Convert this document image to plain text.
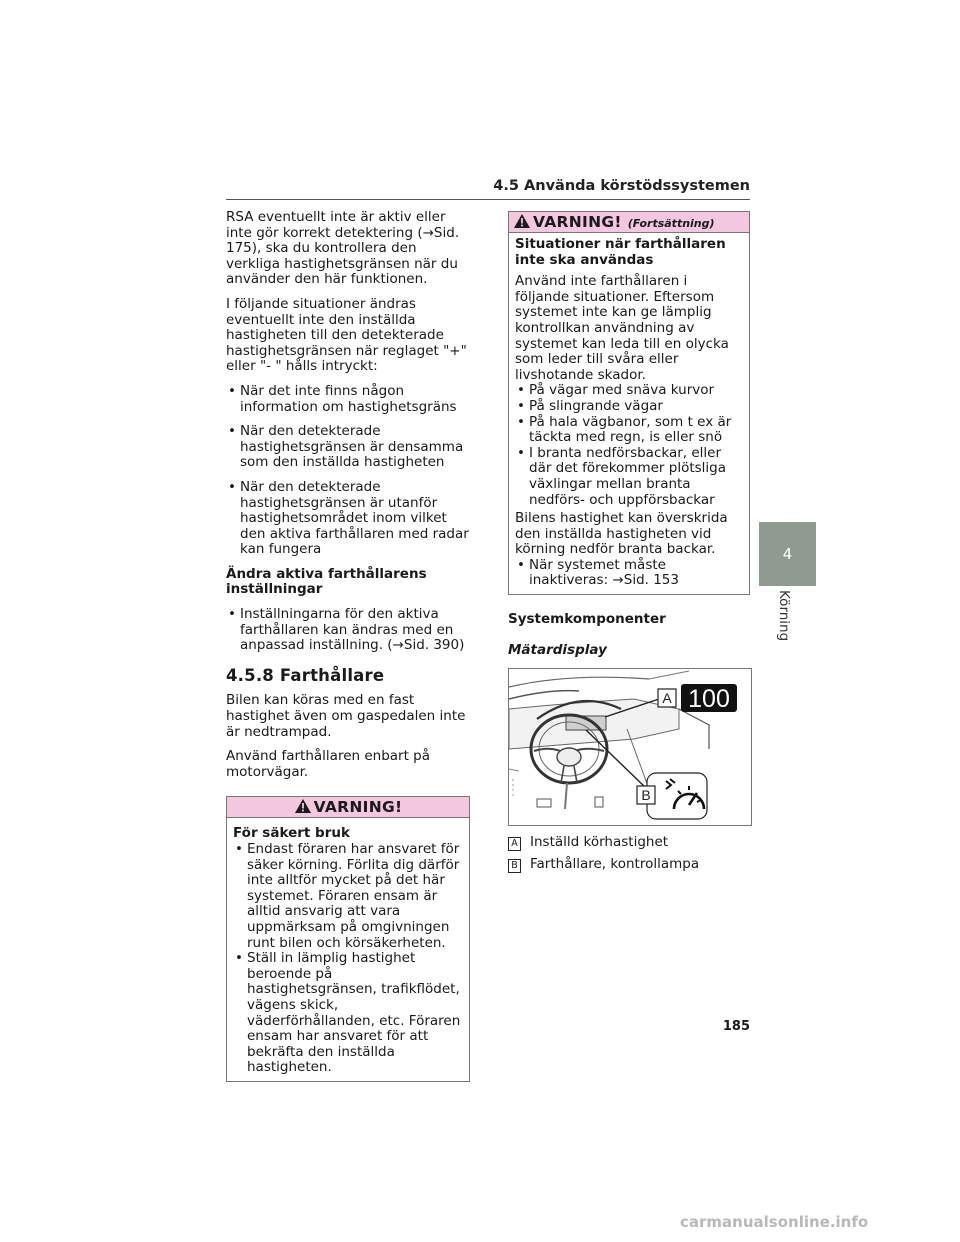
4.5 Använda körstödssystemen

RSA eventuellt inte är aktiv eller inte gör korrekt detektering (→Sid. 175), ska du kontrollera den verkliga hastighetsgränsen när du använder den här funktionen.

I följande situationer ändras eventuellt inte den inställda hastigheten till den detekterade hastighetsgränsen när reglaget "+" eller "- " hålls intryckt:

• När det inte finns någon information om hastighetsgräns
• När den detekterade hastighetsgränsen är densamma som den inställda hastigheten
• När den detekterade hastighetsgränsen är utanför hastighetsområdet inom vilket den aktiva farthållaren med radar kan fungera
Ändra aktiva farthållarens inställningar
• Inställningarna för den aktiva farthållaren kan ändras med en anpassad inställning. (→Sid. 390)
4.5.8 Farthållare

Bilen kan köras med en fast hastighet även om gaspedalen inte är nedtrampad.

Använd farthållaren enbart på motorvägar.

VARNING!
För säkert bruk
• Endast föraren har ansvaret för säker körning. Förlita dig därför inte alltför mycket på det här systemet. Föraren ensam är alltid ansvarig att vara uppmärksam på omgivningen runt bilen och körsäkerheten.
• Ställ in lämplig hastighet beroende på hastighetsgränsen, trafikflödet, vägens skick, väderförhållanden, etc. Föraren ensam har ansvaret för att bekräfta den inställda hastigheten.
VARNING! (Fortsättning)
Situationer när farthållaren inte ska användas

Använd inte farthållaren i följande situationer. Eftersom systemet inte kan ge lämplig kontrollkan användning av systemet kan leda till en olycka som leder till svåra eller livshotande skador.

• På vägar med snäva kurvor
• På slingrande vägar
• På hala vägbanor, som t ex är täckta med regn, is eller snö
• I branta nedförsbackar, eller där det förekommer plötsliga växlingar mellan branta nedförs- och uppförsbackar

Bilens hastighet kan överskrida den inställda hastigheten vid körning nedför branta backar.

• När systemet måste inaktiveras: →Sid. 153
Systemkomponenter
Mätardisplay
A 100
B
A Inställd körhastighet
B Farthållare, kontrollampa
4
Körning
185
carmanualsonline.info
